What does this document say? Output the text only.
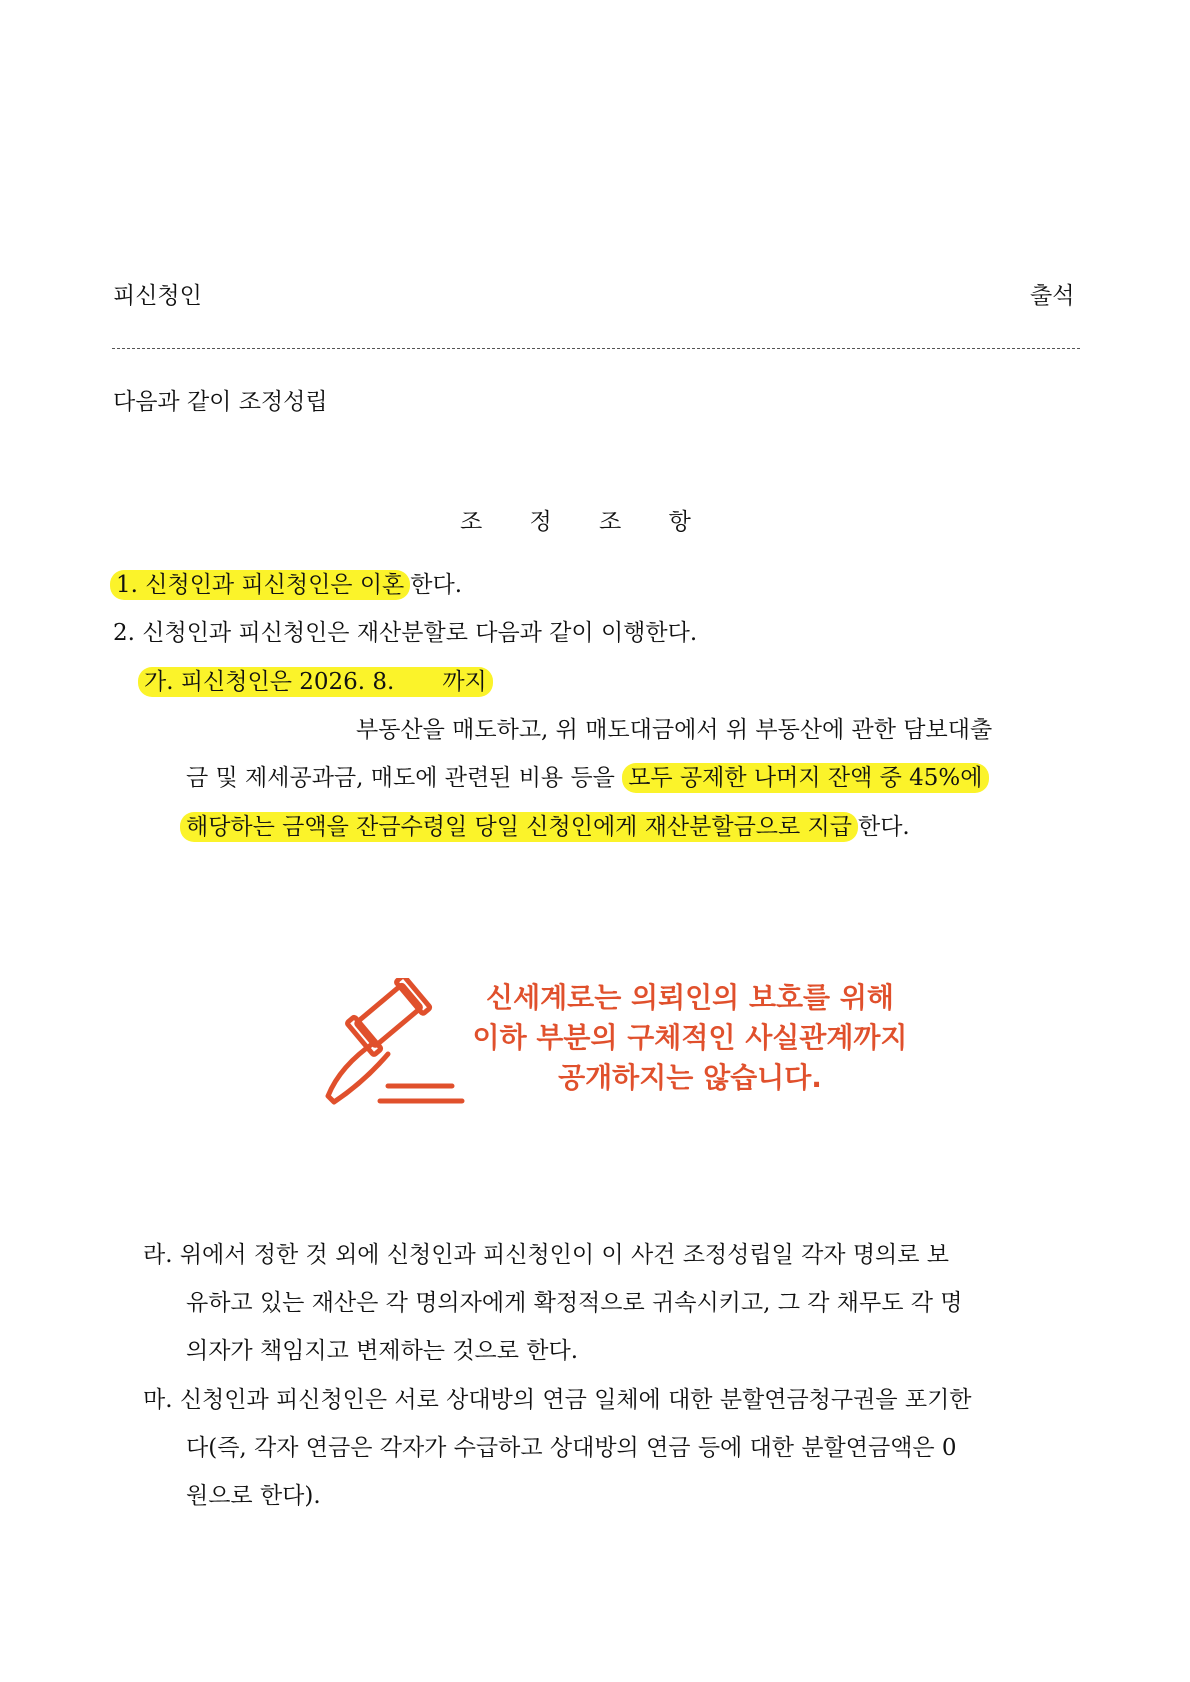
피신청인	출석
다음과 같이 조정성립
조 정 조 항
1. 신청인과 피신청인은 이혼 한다.
2. 신청인과 피신청인은 재산분할로 다음과 같이 이행한다.
가. 피신청인은 2026. 8. 까지
부동산을 매도하고, 위 매도대금에서 위 부동산에 관한 담보대출
금 및 제세공과금, 매도에 관련된 비용 등을 모두 공제한 나머지 잔액 중 45%에
해당하는 금액을 잔금수령일 당일 신청인에게 재산분할금으로 지급 한다.
신세계로는 의뢰인의 보호를 위해
이하 부분의 구체적인 사실관계까지
공개하지는 않습니다.
라. 위에서 정한 것 외에 신청인과 피신청인이 이 사건 조정성립일 각자 명의로 보
유하고 있는 재산은 각 명의자에게 확정적으로 귀속시키고, 그 각 채무도 각 명
의자가 책임지고 변제하는 것으로 한다.
마. 신청인과 피신청인은 서로 상대방의 연금 일체에 대한 분할연금청구권을 포기한
다(즉, 각자 연금은 각자가 수급하고 상대방의 연금 등에 대한 분할연금액은 0
원으로 한다).
